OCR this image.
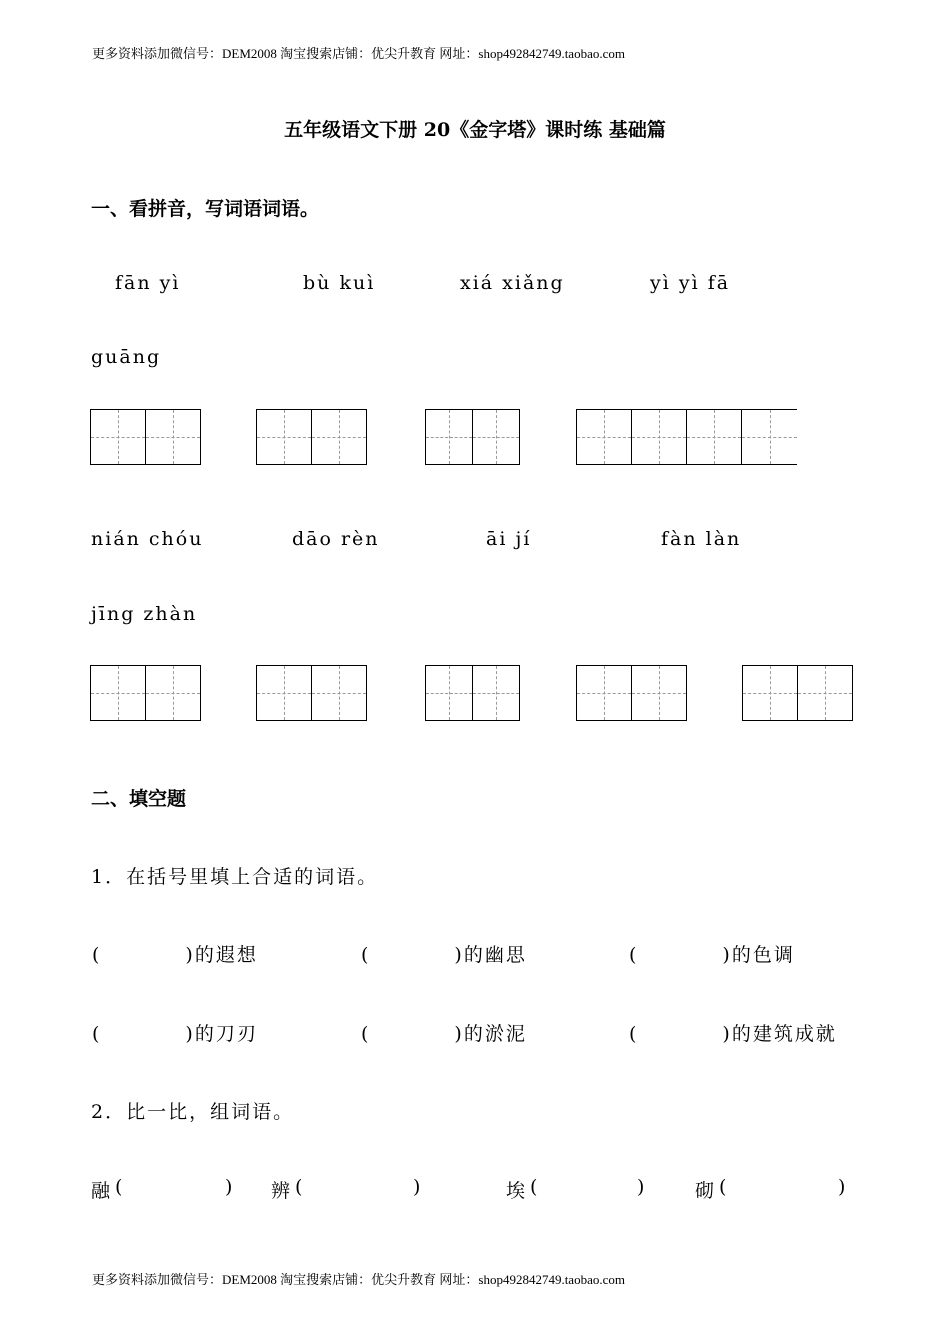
更多资料添加微信号：DEM2008 淘宝搜索店铺：优尖升教育 网址：shop492842749.taobao.com
五年级语文下册 20《金字塔》课时练 基础篇
一、看拼音，写词语词语。
fān yì	bù kuì	xiá xiǎng	yì yì fā
guāng
nián chóu	dāo rèn	āi jí	fàn làn
jīng zhàn
二、填空题
1．在括号里填上合适的词语。
(　　　　)的遐想	(　　　　)的幽思	(　　　　)的色调
(　　　　)的刀刃	(　　　　)的淤泥	(　　　　)的建筑成就
2．比一比，组词语。
融 (	) 辨 (	)	埃 (	)	砌 (	)
更多资料添加微信号：DEM2008 淘宝搜索店铺：优尖升教育 网址：shop492842749.taobao.com
